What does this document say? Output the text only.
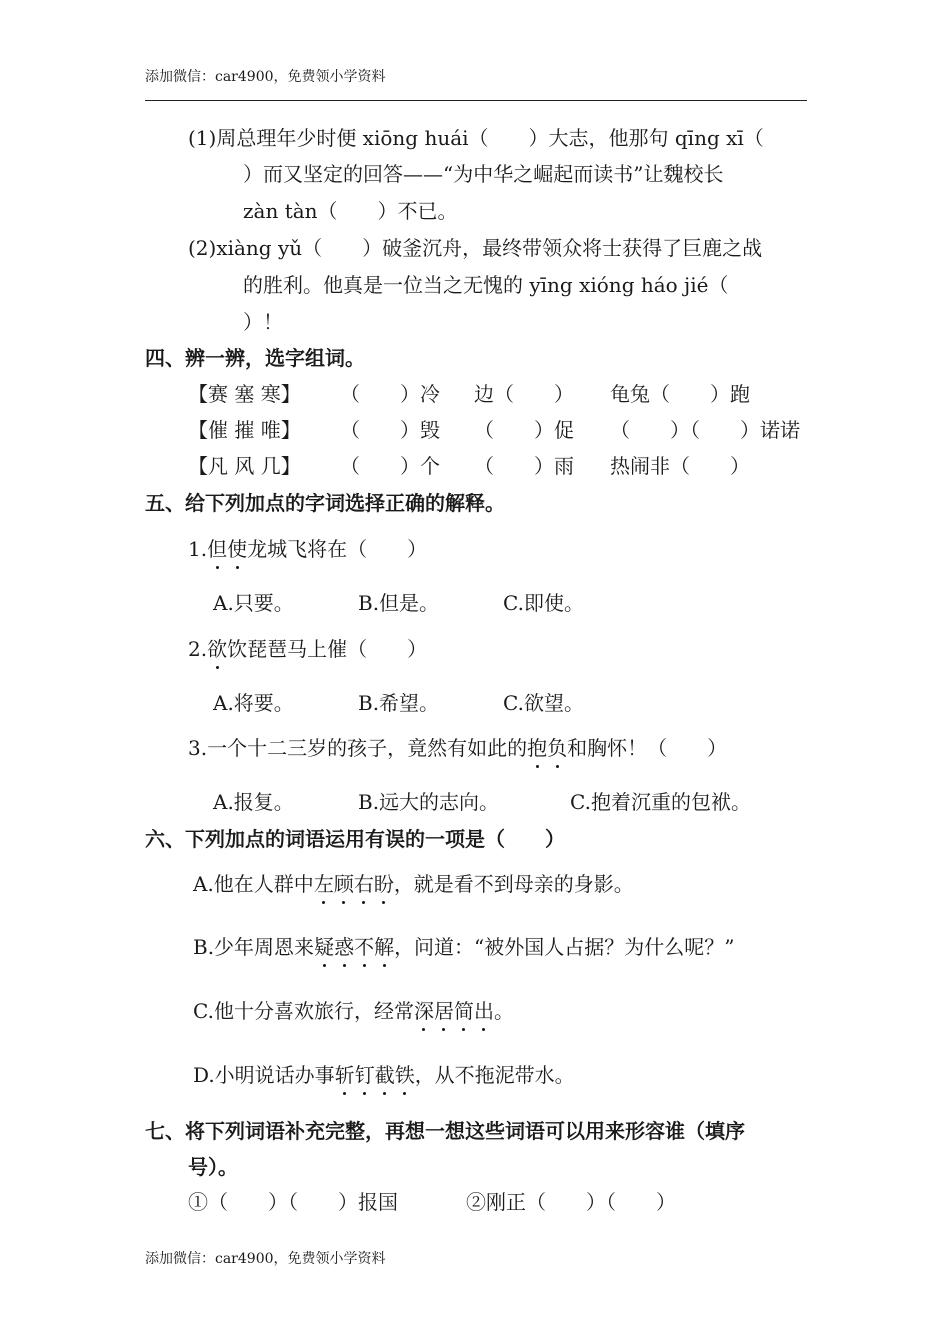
添加微信：car4900，免费领小学资料
(1)周总理年少时便 xiōng huái（　　）大志，他那句 qīng xī（
）而又坚定的回答——“为中华之崛起而读书”让魏校长
zàn tàn（　　）不已。
(2)xiàng yǔ（　　）破釜沉舟，最终带领众将士获得了巨鹿之战
的胜利。他真是一位当之无愧的 yīng xióng háo jié（
）！
四、辨一辨，选字组词。
【赛 塞 寒】 （　　）冷 边（　　） 龟兔（　　）跑
【催 摧 唯】 （　　）毁 （　　）促 （　　）（　　）诺诺
【凡 风 几】 （　　）个 （　　）雨 热闹非（　　）
五、给下列加点的字词选择正确的解释。
1.但使龙城飞将在（　　）
A.只要。	B.但是。	C.即使。
2.欲饮琵琶马上催（　　）
A.将要。	B.希望。	C.欲望。
3.一个十二三岁的孩子，竟然有如此的抱负和胸怀！（　　）
A.报复。	B.远大的志向。	C.抱着沉重的包袱。
六、下列加点的词语运用有误的一项是（　　）
A.他在人群中左顾右盼，就是看不到母亲的身影。
B.少年周恩来疑惑不解，问道：“被外国人占据？为什么呢？”
C.他十分喜欢旅行，经常深居简出。
D.小明说话办事斩钉截铁，从不拖泥带水。
七、将下列词语补充完整，再想一想这些词语可以用来形容谁（填序
号）。
①（　　）（　　）报国	②刚正（　　）（　　）
添加微信：car4900，免费领小学资料
